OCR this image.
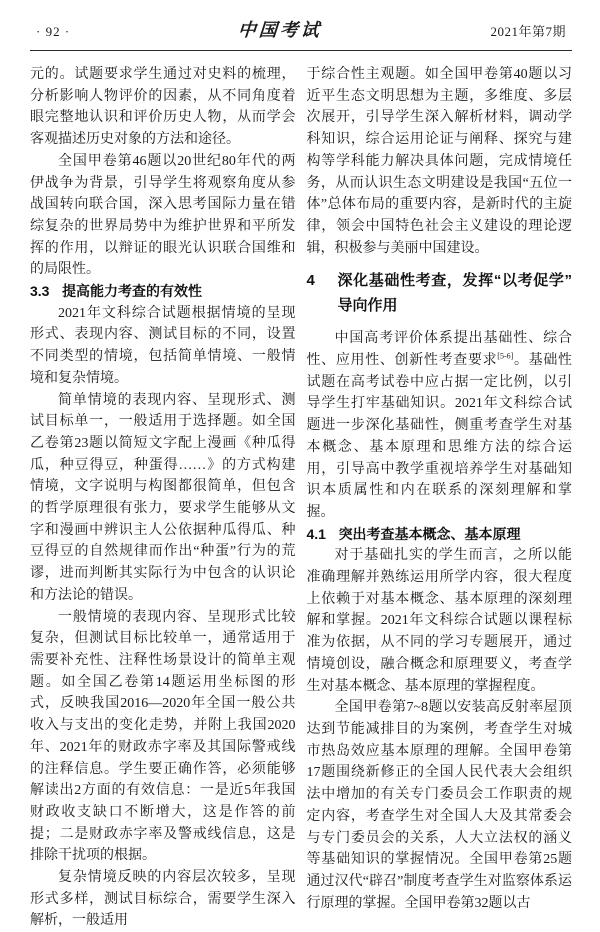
· 92 ·	中国考试	2021年第7期

元的。试题要求学生通过对史料的梳理，分析影响人物评价的因素，从不同角度着眼完整地认识和评价历史人物，从而学会客观描述历史对象的方法和途径。

全国甲卷第46题以20世纪80年代的两伊战争为背景，引导学生将观察角度从参战国转向联合国，深入思考国际力量在错综复杂的世界局势中为维护世界和平所发挥的作用，以辩证的眼光认识联合国维和的局限性。

3.3 提高能力考查的有效性

2021年文科综合试题根据情境的呈现形式、表现内容、测试目标的不同，设置不同类型的情境，包括简单情境、一般情境和复杂情境。

简单情境的表现内容、呈现形式、测试目标单一，一般适用于选择题。如全国乙卷第23题以简短文字配上漫画《种瓜得瓜，种豆得豆，种蛋得……》的方式构建情境，文字说明与构图都很简单，但包含的哲学原理很有张力，要求学生能够从文字和漫画中辨识主人公依据种瓜得瓜、种豆得豆的自然规律而作出“种蛋”行为的荒谬，进而判断其实际行为中包含的认识论和方法论的错误。

一般情境的表现内容、呈现形式比较复杂，但测试目标比较单一，通常适用于需要补充性、注释性场景设计的简单主观题。如全国乙卷第14题运用坐标图的形式，反映我国2016—2020年全国一般公共收入与支出的变化走势，并附上我国2020年、2021年的财政赤字率及其国际警戒线的注释信息。学生要正确作答，必须能够解读出2方面的有效信息：一是近5年我国财政收支缺口不断增大，这是作答的前提；二是财政赤字率及警戒线信息，这是排除干扰项的根据。

复杂情境反映的内容层次较多，呈现形式多样，测试目标综合，需要学生深入解析，一般适用

于综合性主观题。如全国甲卷第40题以习近平生态文明思想为主题，多维度、多层次展开，引导学生深入解析材料，调动学科知识，综合运用论证与阐释、探究与建构等学科能力解决具体问题，完成情境任务，从而认识生态文明建设是我国“五位一体”总体布局的重要内容，是新时代的主旋律，领会中国特色社会主义建设的理论逻辑，积极参与美丽中国建设。

4	深化基础性考查，发挥“以考促学”导向作用

中国高考评价体系提出基础性、综合性、应用性、创新性考查要求[5-6]。基础性试题在高考试卷中应占据一定比例，以引导学生打牢基础知识。2021年文科综合试题进一步深化基础性，侧重考查学生对基本概念、基本原理和思维方法的综合运用，引导高中教学重视培养学生对基础知识本质属性和内在联系的深刻理解和掌握。

4.1 突出考查基本概念、基本原理

对于基础扎实的学生而言，之所以能准确理解并熟练运用所学内容，很大程度上依赖于对基本概念、基本原理的深刻理解和掌握。2021年文科综合试题以课程标准为依据，从不同的学习专题展开，通过情境创设，融合概念和原理要义，考查学生对基本概念、基本原理的掌握程度。

全国甲卷第7~8题以安装高反射率屋顶达到节能减排目的为案例，考查学生对城市热岛效应基本原理的理解。全国甲卷第17题围绕新修正的全国人民代表大会组织法中增加的有关专门委员会工作职责的规定内容，考查学生对全国人大及其常委会与专门委员会的关系，人大立法权的涵义等基础知识的掌握情况。全国甲卷第25题通过汉代“辟召”制度考查学生对监察体系运行原理的掌握。全国甲卷第32题以古
